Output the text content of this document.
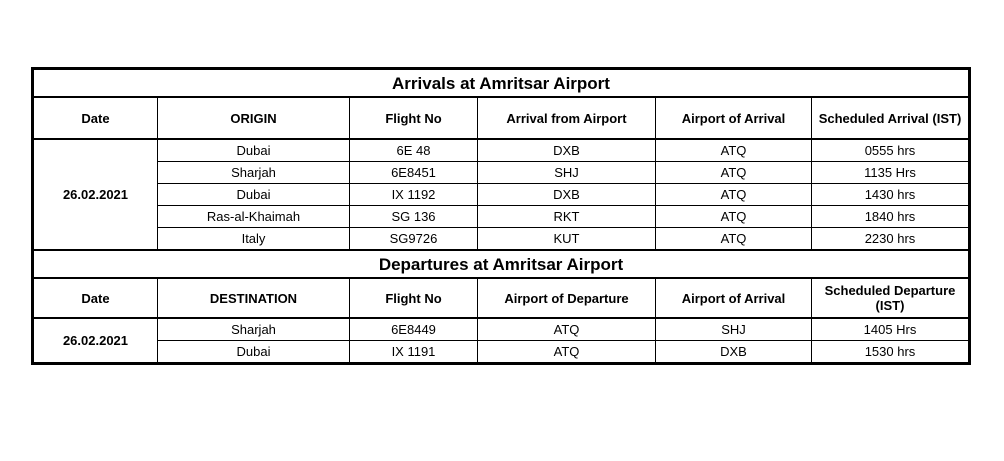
Arrivals at Amritsar Airport					
Date	ORIGIN	Flight No	Arrival from Airport	Airport of Arrival	Scheduled Arrival (IST)
26.02.2021	Dubai	6E 48	DXB	ATQ	0555 hrs
	Sharjah	6E8451	SHJ	ATQ	1135 Hrs
	Dubai	IX 1192	DXB	ATQ	1430 hrs
	Ras-al-Khaimah	SG 136	RKT	ATQ	1840 hrs
	Italy	SG9726	KUT	ATQ	2230 hrs
Departures at Amritsar Airport					
Date	DESTINATION	Flight No	Airport of Departure	Airport of Arrival	Scheduled Departure (IST)
26.02.2021	Sharjah	6E8449	ATQ	SHJ	1405 Hrs
	Dubai	IX 1191	ATQ	DXB	1530 hrs
